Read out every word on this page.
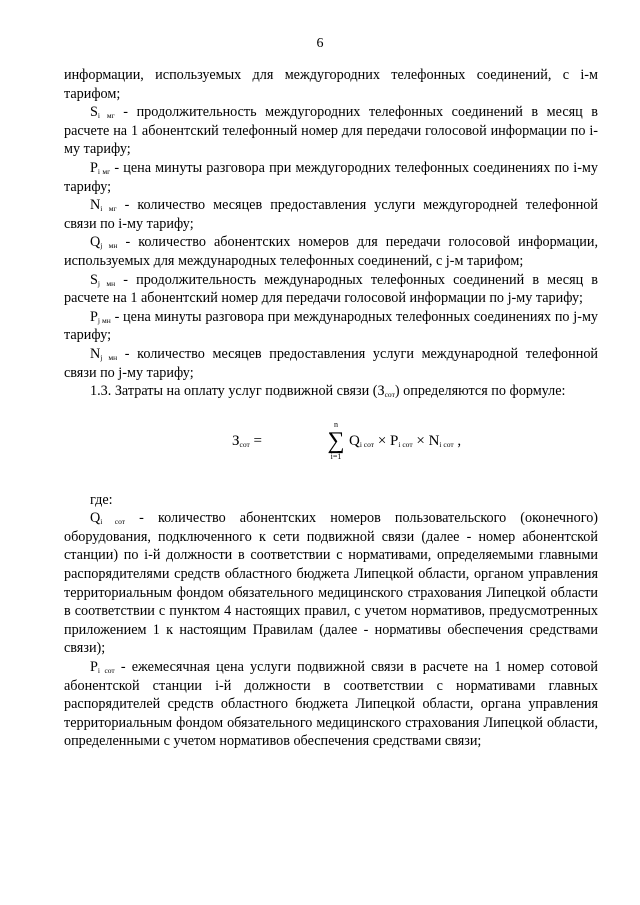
6

информации, используемых для междугородних телефонных соединений, с i-м тарифом;

$S_{i мг}$ - продолжительность междугородних телефонных соединений в месяц в расчете на 1 абонентский телефонный номер для передачи голосовой информации по i-му тарифу;

$P_{i мг}$ - цена минуты разговора при междугородних телефонных соединениях по i-му тарифу;

$N_{i мг}$ - количество месяцев предоставления услуги междугородней телефонной связи по i-му тарифу;

$Q_{j мн}$ - количество абонентских номеров для передачи голосовой информации, используемых для международных телефонных соединений, с j-м тарифом;

$S_{j мн}$ - продолжительность международных телефонных соединений в месяц в расчете на 1 абонентский номер для передачи голосовой информации по j-му тарифу;

$P_{j мн}$ - цена минуты разговора при международных телефонных соединениях по j-му тарифу;

$N_{j мн}$ - количество месяцев предоставления услуги международной телефонной связи по j-му тарифу;

1.3. Затраты на оплату услуг подвижной связи $(З_{сот})$ определяются по формуле:

$З_{сот}$ =
n
∑
i=1
$Q_{i сот} \times P_{i сот} \times N_{i сот}$ ,

где:

$Q_{i сот}$ - количество абонентских номеров пользовательского (оконечного) оборудования, подключенного к сети подвижной связи (далее - номер абонентской станции) по i-й должности в соответствии с нормативами, определяемыми главными распорядителями средств областного бюджета Липецкой области, органом управления территориальным фондом обязательного медицинского страхования Липецкой области в соответствии с пунктом 4 настоящих правил, с учетом нормативов, предусмотренных приложением 1 к настоящим Правилам (далее - нормативы обеспечения средствами связи);

$P_{i сот}$ - ежемесячная цена услуги подвижной связи в расчете на 1 номер сотовой абонентской станции i-й должности в соответствии с нормативами главных распорядителей средств областного бюджета Липецкой области, органа управления территориальным фондом обязательного медицинского страхования Липецкой области, определенными с учетом нормативов обеспечения средствами связи;
